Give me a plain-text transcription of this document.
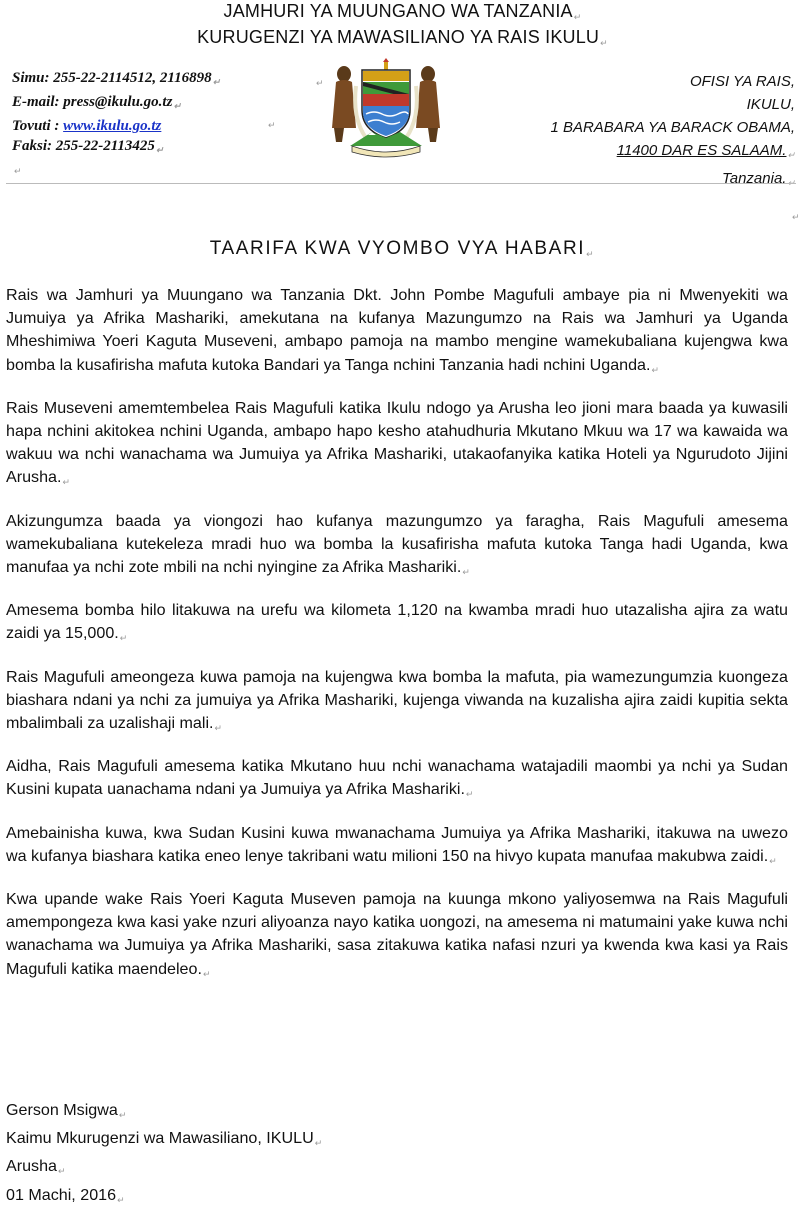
JAMHURI YA MUUNGANO WA TANZANIA↵
KURUGENZI YA MAWASILIANO YA RAIS IKULU↵
Simu: 255-22-2114512, $2116898_↵$
E-mail: $press@ikulu.go.tz_↵$
Tovuti : www.ikulu.go.tz
Faksi: $255-22-2113425_↵$
↵
↵
↵
↵
OFISI YA RAIS,
IKULU,
1 BARABARA YA BARACK OBAMA,
11400 DAR ES $SALAAM._↵$
$Tanzania._↵$
TAARIFA KWA VYOMBO VYA HABARI↵

Rais wa Jamhuri ya Muungano wa Tanzania Dkt. John Pombe Magufuli ambaye pia ni Mwenyekiti wa Jumuiya ya Afrika Mashariki, amekutana na kufanya Mazungumzo na Rais wa Jamhuri ya Uganda Mheshimiwa Yoeri Kaguta Museveni, ambapo pamoja na mambo mengine wamekubaliana kujengwa kwa bomba la kusafirisha mafuta kutoka Bandari ya Tanga nchini Tanzania hadi nchini Uganda.↵

Rais Museveni amemtembelea Rais Magufuli katika Ikulu ndogo ya Arusha leo jioni mara baada ya kuwasili hapa nchini akitokea nchini Uganda, ambapo hapo kesho atahudhuria Mkutano Mkuu wa 17 wa kawaida wa wakuu wa nchi wanachama wa Jumuiya ya Afrika Mashariki, utakaofanyika katika Hoteli ya Ngurudoto Jijini Arusha.↵

Akizungumza baada ya viongozi hao kufanya mazungumzo ya faragha, Rais Magufuli amesema wamekubaliana kutekeleza mradi huo wa bomba la kusafirisha mafuta kutoka Tanga hadi Uganda, kwa manufaa ya nchi zote mbili na nchi nyingine za Afrika Mashariki.↵

Amesema bomba hilo litakuwa na urefu wa kilometa 1,120 na kwamba mradi huo utazalisha ajira za watu zaidi ya 15,000.↵

Rais Magufuli ameongeza kuwa pamoja na kujengwa kwa bomba la mafuta, pia wamezungumzia kuongeza biashara ndani ya nchi za jumuiya ya Afrika Mashariki, kujenga viwanda na kuzalisha ajira zaidi kupitia sekta mbalimbali za uzalishaji mali.↵

Aidha, Rais Magufuli amesema katika Mkutano huu nchi wanachama watajadili maombi ya nchi ya Sudan Kusini kupata uanachama ndani ya Jumuiya ya Afrika Mashariki.↵

Amebainisha kuwa, kwa Sudan Kusini kuwa mwanachama Jumuiya ya Afrika Mashariki, itakuwa na uwezo wa kufanya biashara katika eneo lenye takribani watu milioni 150 na hivyo kupata manufaa makubwa zaidi.↵

Kwa upande wake Rais Yoeri Kaguta Museven pamoja na kuunga mkono yaliyosemwa na Rais Magufuli amempongeza kwa kasi yake nzuri aliyoanza nayo katika uongozi, na amesema ni matumaini yake kuwa nchi wanachama wa Jumuiya ya Afrika Mashariki, sasa zitakuwa katika nafasi nzuri ya kwenda kwa kasi ya Rais Magufuli katika maendeleo.↵

Gerson Msigwa↵
Kaimu Mkurugenzi wa Mawasiliano, IKULU↵
Arusha↵
01 Machi, 2016↵
